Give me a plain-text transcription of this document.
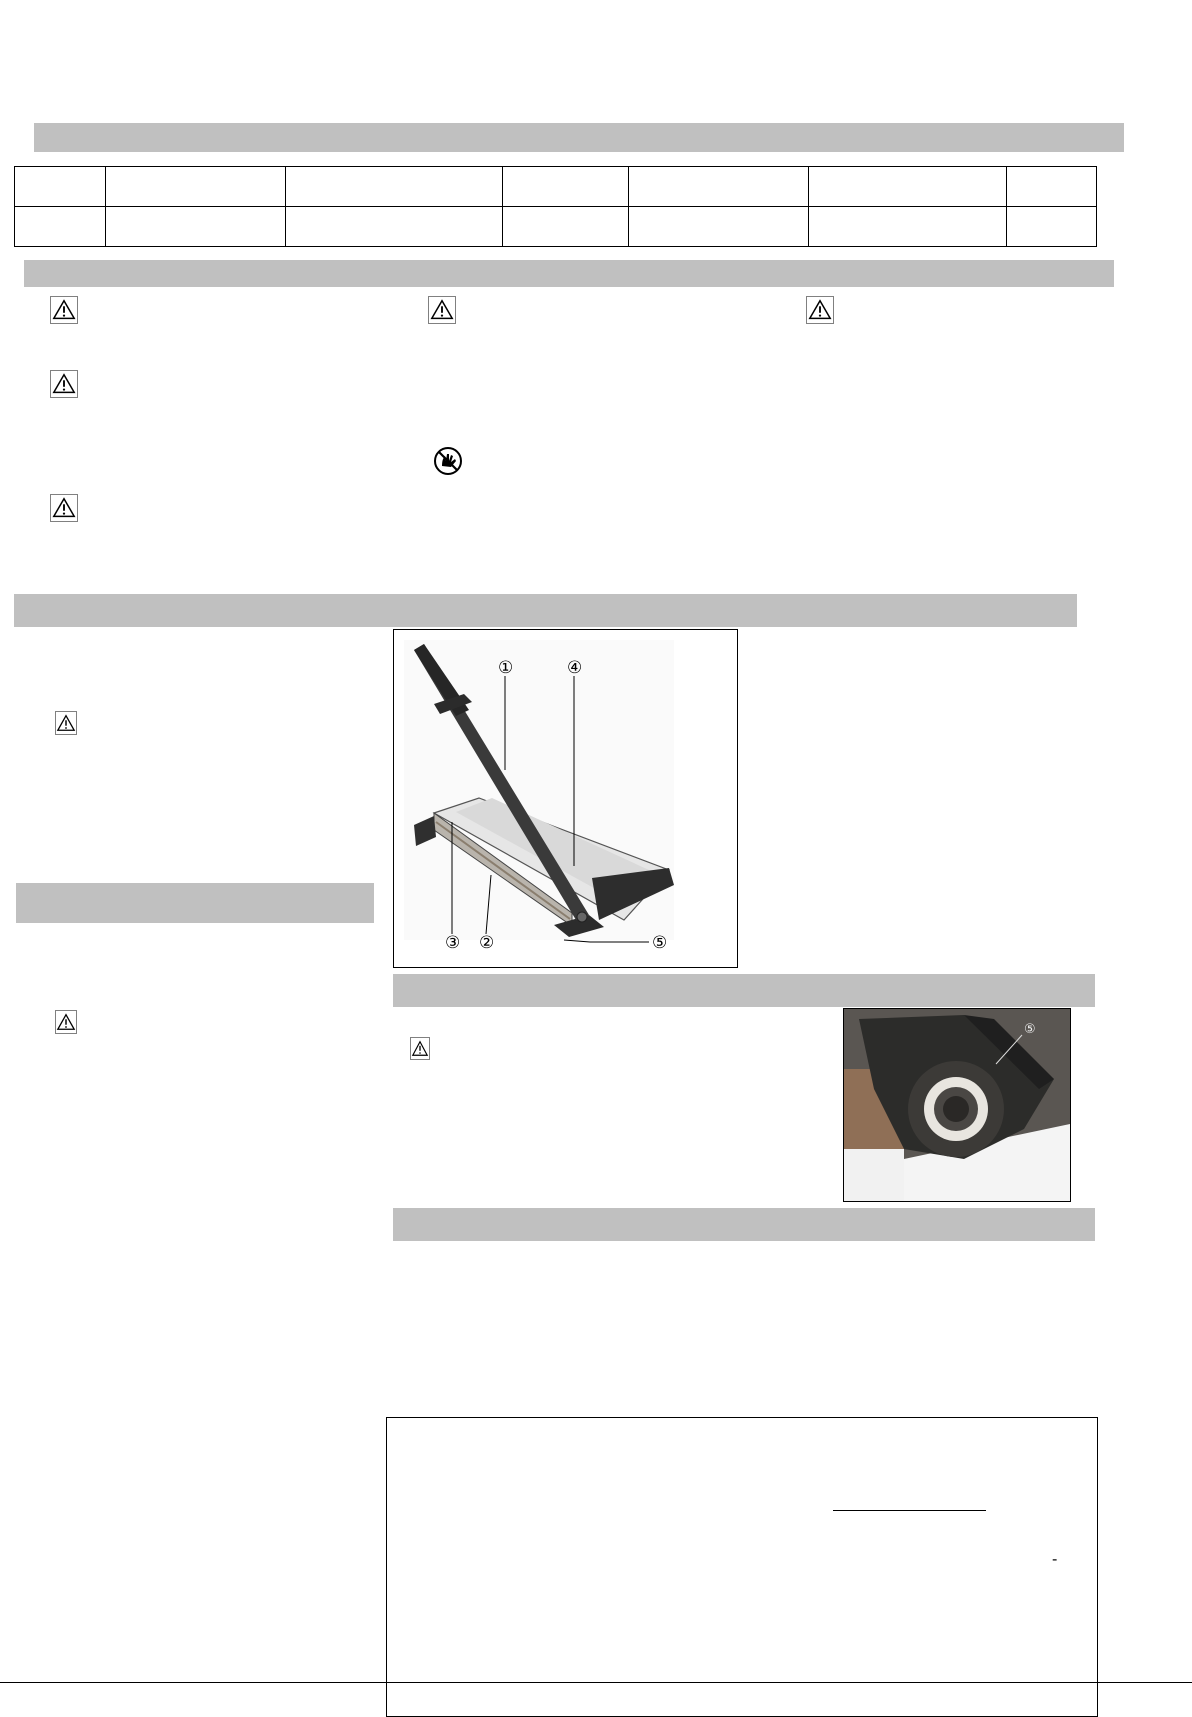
①	④
③ ②	⑤
⑤
-
